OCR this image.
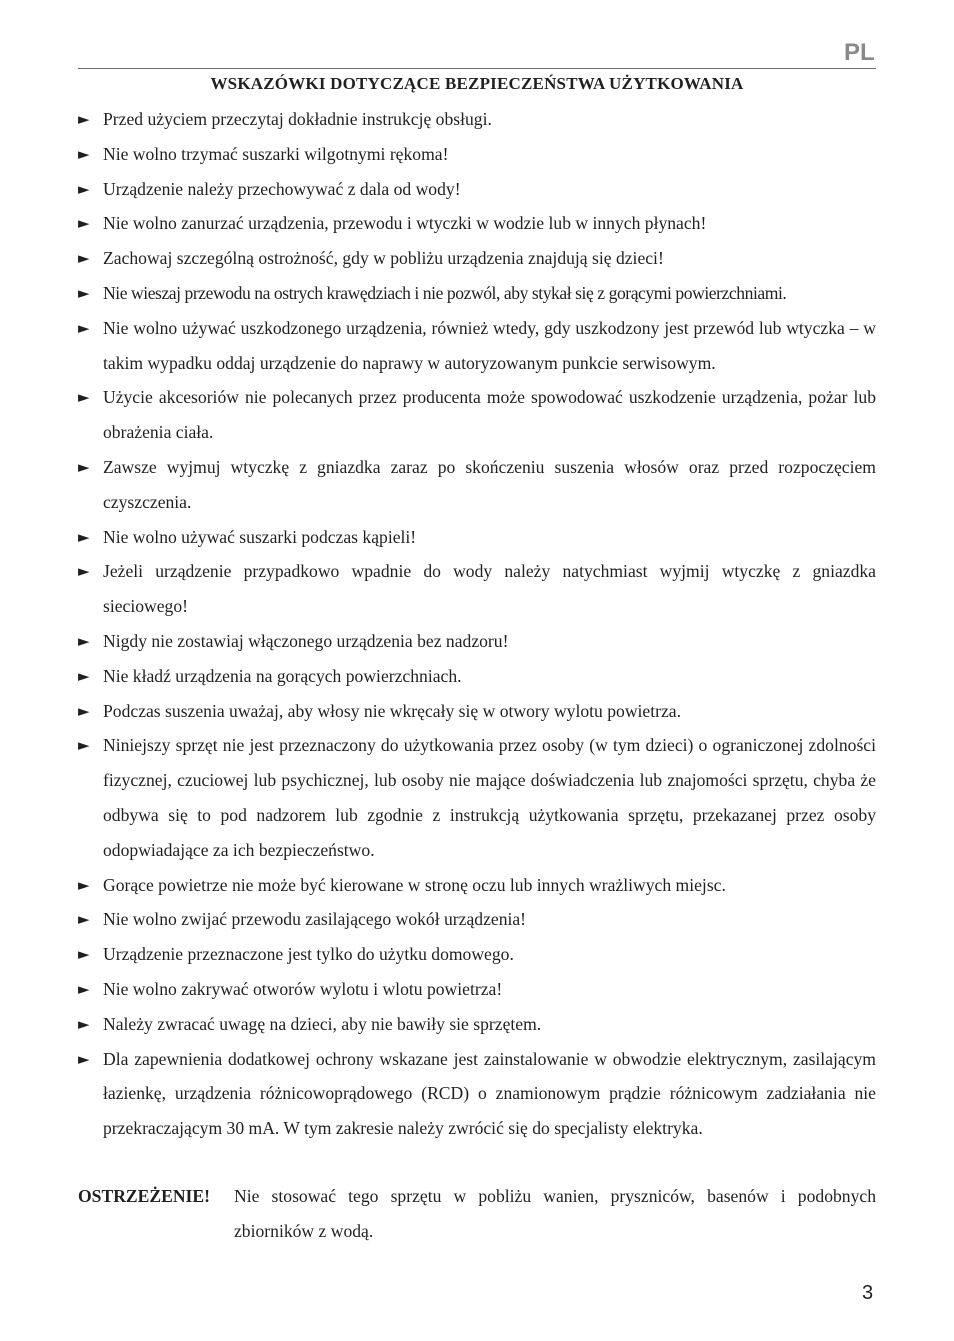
PL
WSKAZÓWKI DOTYCZĄCE BEZPIECZEŃSTWA UŻYTKOWANIA
► Przed użyciem przeczytaj dokładnie instrukcję obsługi.
► Nie wolno trzymać suszarki wilgotnymi rękoma!
► Urządzenie należy przechowywać z dala od wody!
► Nie wolno zanurzać urządzenia, przewodu i wtyczki w wodzie lub w innych płynach!
► Zachowaj szczególną ostrożność, gdy w pobliżu urządzenia znajdują się dzieci!
► Nie wieszaj przewodu na ostrych krawędziach i nie pozwól, aby stykał się z gorącymi powierzchniami.
► Nie wolno używać uszkodzonego urządzenia, również wtedy, gdy uszkodzony jest przewód lub wtyczka – w takim wypadku oddaj urządzenie do naprawy w autoryzowanym punkcie serwisowym.
► Użycie akcesoriów nie polecanych przez producenta może spowodować uszkodzenie urządzenia, pożar lub obrażenia ciała.
► Zawsze wyjmuj wtyczkę z gniazdka zaraz po skończeniu suszenia włosów oraz przed rozpoczęciem czyszczenia.
► Nie wolno używać suszarki podczas kąpieli!
► Jeżeli urządzenie przypadkowo wpadnie do wody należy natychmiast wyjmij wtyczkę z gniazdka sieciowego!
► Nigdy nie zostawiaj włączonego urządzenia bez nadzoru!
► Nie kładź urządzenia na gorących powierzchniach.
► Podczas suszenia uważaj, aby włosy nie wkręcały się w otwory wylotu powietrza.
► Niniejszy sprzęt nie jest przeznaczony do użytkowania przez osoby (w tym dzieci) o ograniczonej zdolności fizycznej, czuciowej lub psychicznej, lub osoby nie mające doświadczenia lub znajomości sprzętu, chyba że odbywa się to pod nadzorem lub zgodnie z instrukcją użytkowania sprzętu, przekazanej przez osoby odopwiadające za ich bezpieczeństwo.
► Gorące powietrze nie może być kierowane w stronę oczu lub innych wrażliwych miejsc.
► Nie wolno zwijać przewodu zasilającego wokół urządzenia!
► Urządzenie przeznaczone jest tylko do użytku domowego.
► Nie wolno zakrywać otworów wylotu i wlotu powietrza!
► Należy zwracać uwagę na dzieci, aby nie bawiły sie sprzętem.
► Dla zapewnienia dodatkowej ochrony wskazane jest zainstalowanie w obwodzie elektrycznym, zasilającym łazienkę, urządzenia różnicowoprądowego (RCD) o znamionowym prądzie różnicowym zadziałania nie przekraczającym 30 mA. W tym zakresie należy zwrócić się do specjalisty elektryka.
OSTRZEŻENIE!	Nie stosować tego sprzętu w pobliżu wanien, pryszniców, basenów i podobnych zbiorników z wodą.
3
